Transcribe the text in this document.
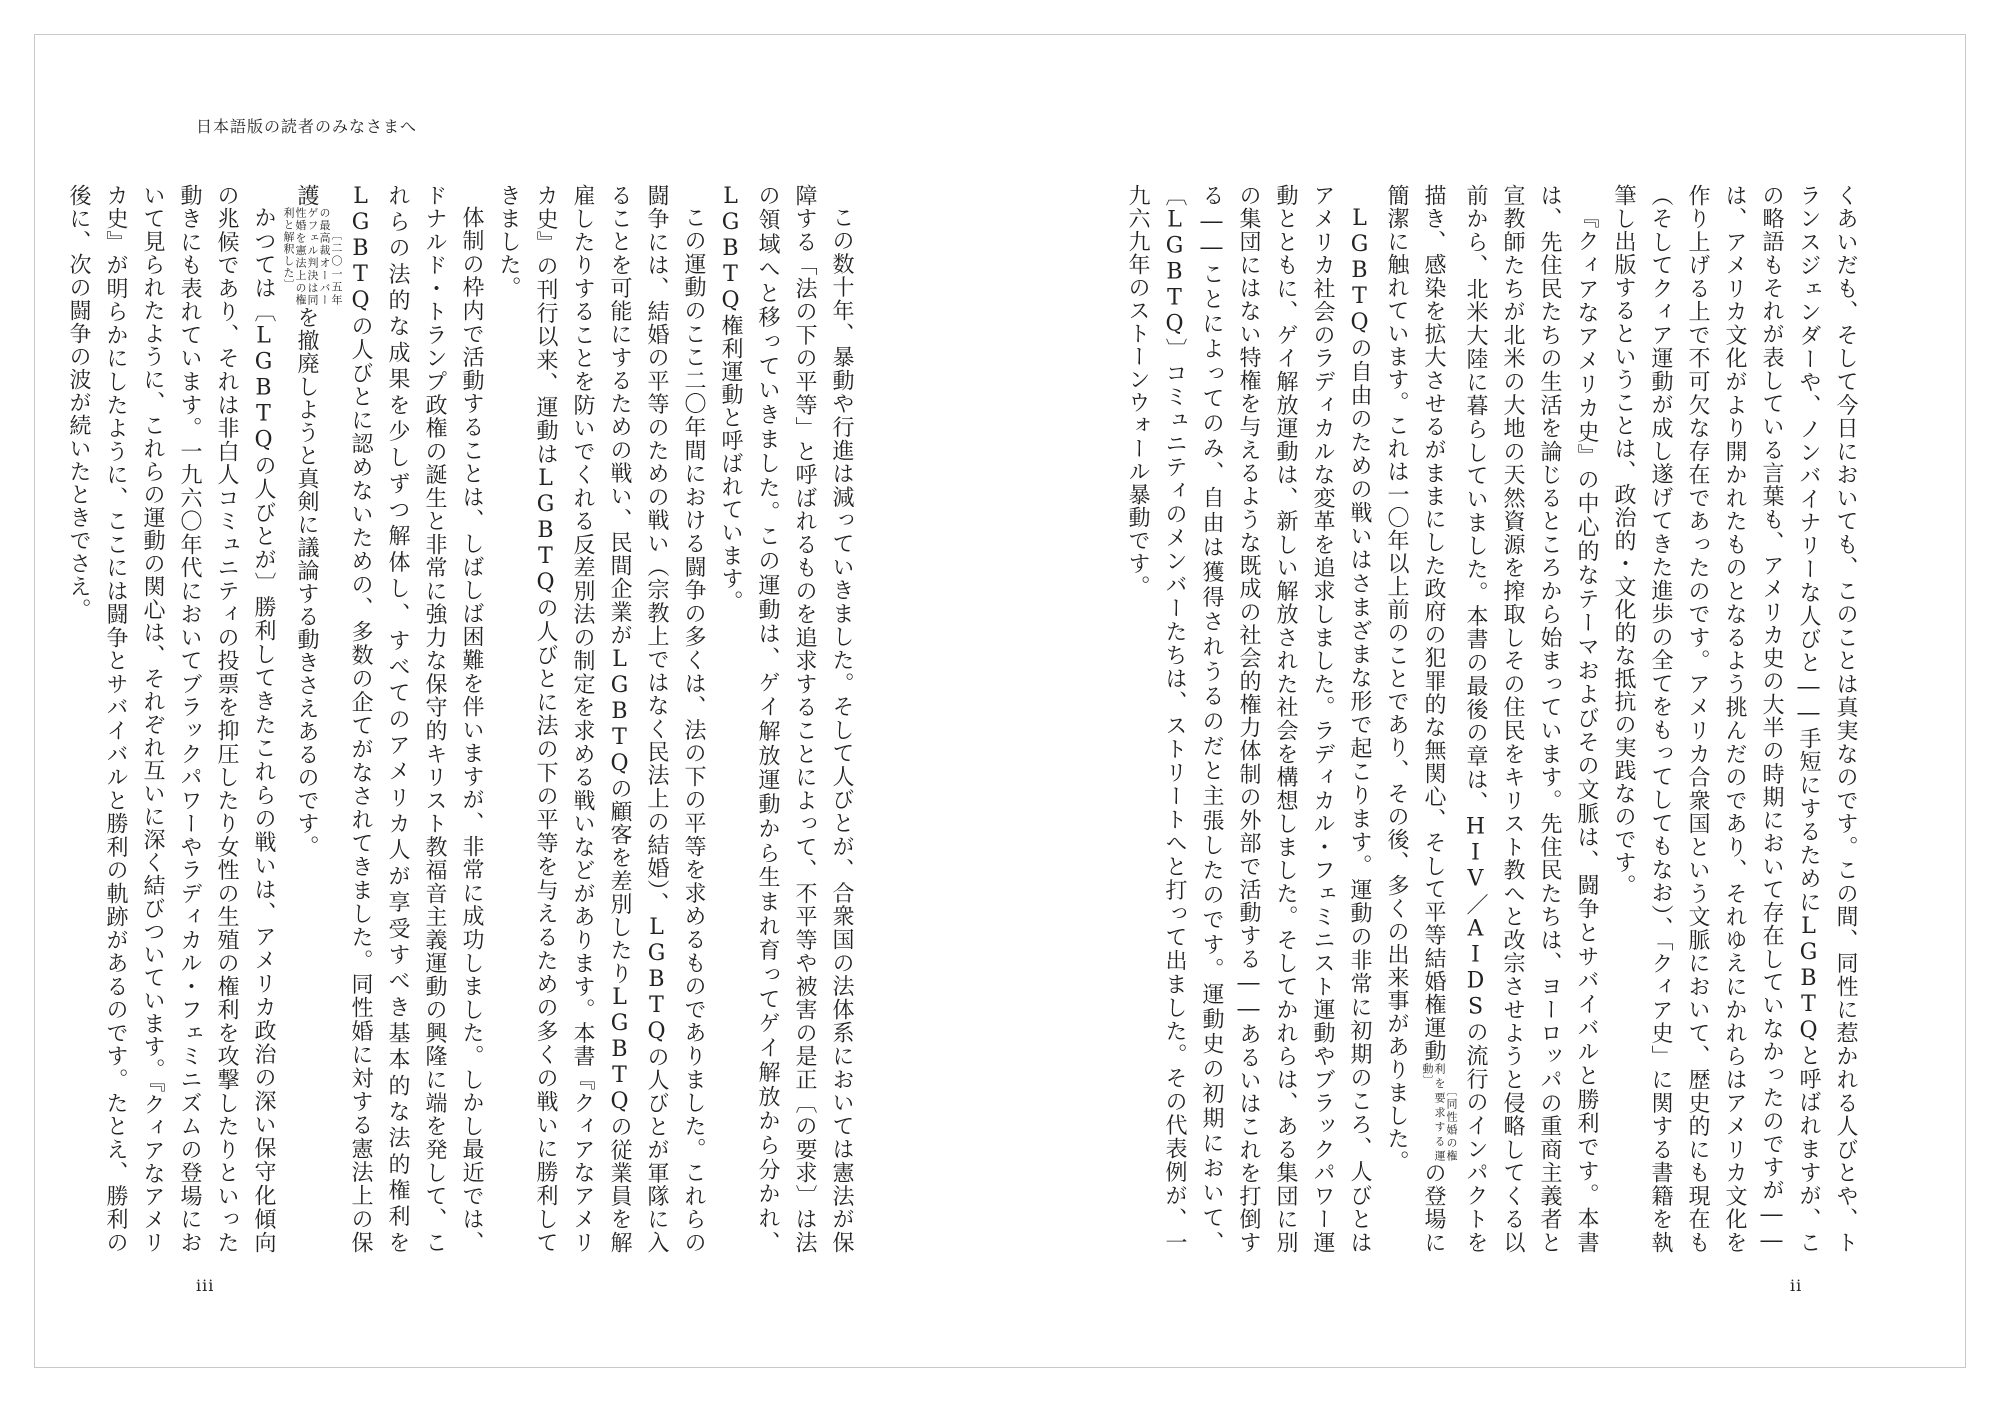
日本語版の読者のみなさまへ

この数十年、暴動や行進は減っていきました。そして人びとが、合衆国の法体系においては憲法が保障する「法の下の平等」と呼ばれるものを追求することによって、不平等や被害の是正〔の要求〕は法の領域へと移っていきました。この運動は、ゲイ解放運動から生まれ育ってゲイ解放から分かれ、LGBTQ権利運動と呼ばれています。

この運動のここ二〇年間における闘争の多くは、法の下の平等を求めるものでありました。これらの闘争には、結婚の平等のための戦い（宗教上ではなく民法上の結婚）、LGBTQの人びとが軍隊に入ることを可能にするための戦い、民間企業がLGBTQの顧客を差別したりLGBTQの従業員を解雇したりすることを防いでくれる反差別法の制定を求める戦いなどがあります。本書『クィアなアメリカ史』の刊行以来、運動はLGBTQの人びとに法の下の平等を与えるための多くの戦いに勝利してきました。

体制の枠内で活動することは、しばしば困難を伴いますが、非常に成功しました。しかし最近では、ドナルド・トランプ政権の誕生と非常に強力な保守的キリスト教福音主義運動の興隆に端を発して、これらの法的な成果を少しずつ解体し、すべてのアメリカ人が享受すべき基本的な法的権利をLGBTQの人びとに認めないための、多数の企てがなされてきました。同性婚に対する憲法上の保護〔二〇一五年の最高裁オーバーゲフェル判決は同性婚を憲法上の権利と解釈した〕を撤廃しようと真剣に議論する動きさえあるのです。

かつては〔LGBTQの人びとが〕勝利してきたこれらの戦いは、アメリカ政治の深い保守化傾向の兆候であり、それは非白人コミュニティの投票を抑圧したり女性の生殖の権利を攻撃したりといった動きにも表れています。一九六〇年代においてブラックパワーやラディカル・フェミニズムの登場において見られたように、これらの運動の関心は、それぞれ互いに深く結びついています。『クィアなアメリカ史』が明らかにしたように、ここには闘争とサバイバルと勝利の軌跡があるのです。たとえ、勝利の後に、次の闘争の波が続いたときでさえ。

iii

くあいだも、そして今日においても、このことは真実なのです。この間、同性に惹かれる人びとや、トランスジェンダーや、ノンバイナリーな人びと――手短にするためにLGBTQと呼ばれますが、この略語もそれが表している言葉も、アメリカ史の大半の時期において存在していなかったのですが――は、アメリカ文化がより開かれたものとなるよう挑んだのであり、それゆえにかれらはアメリカ文化を作り上げる上で不可欠な存在であったのです。アメリカ合衆国という文脈において、歴史的にも現在も（そしてクィア運動が成し遂げてきた進歩の全てをもってしてもなお）、「クィア史」に関する書籍を執筆し出版するということは、政治的・文化的な抵抗の実践なのです。

『クィアなアメリカ史』の中心的なテーマおよびその文脈は、闘争とサバイバルと勝利です。本書は、先住民たちの生活を論じるところから始まっています。先住民たちは、ヨーロッパの重商主義者と宣教師たちが北米の大地の天然資源を搾取しその住民をキリスト教へと改宗させようと侵略してくる以前から、北米大陸に暮らしていました。本書の最後の章は、HIV／AIDSの流行のインパクトを描き、感染を拡大させるがままにした政府の犯罪的な無関心、そして平等結婚権運動〔同性婚の権利を要求する運動〕の登場に簡潔に触れています。これは一〇年以上前のことであり、その後、多くの出来事がありました。

LGBTQの自由のための戦いはさまざまな形で起こります。運動の非常に初期のころ、人びとはアメリカ社会のラディカルな変革を追求しました。ラディカル・フェミニスト運動やブラックパワー運動とともに、ゲイ解放運動は、新しい解放された社会を構想しました。そしてかれらは、ある集団に別の集団にはない特権を与えるような既成の社会的権力体制の外部で活動する――あるいはこれを打倒する――ことによってのみ、自由は獲得されうるのだと主張したのです。運動史の初期において、〔LGBTQ〕コミュニティのメンバーたちは、ストリートへと打って出ました。その代表例が、一九六九年のストーンウォール暴動です。

ii
